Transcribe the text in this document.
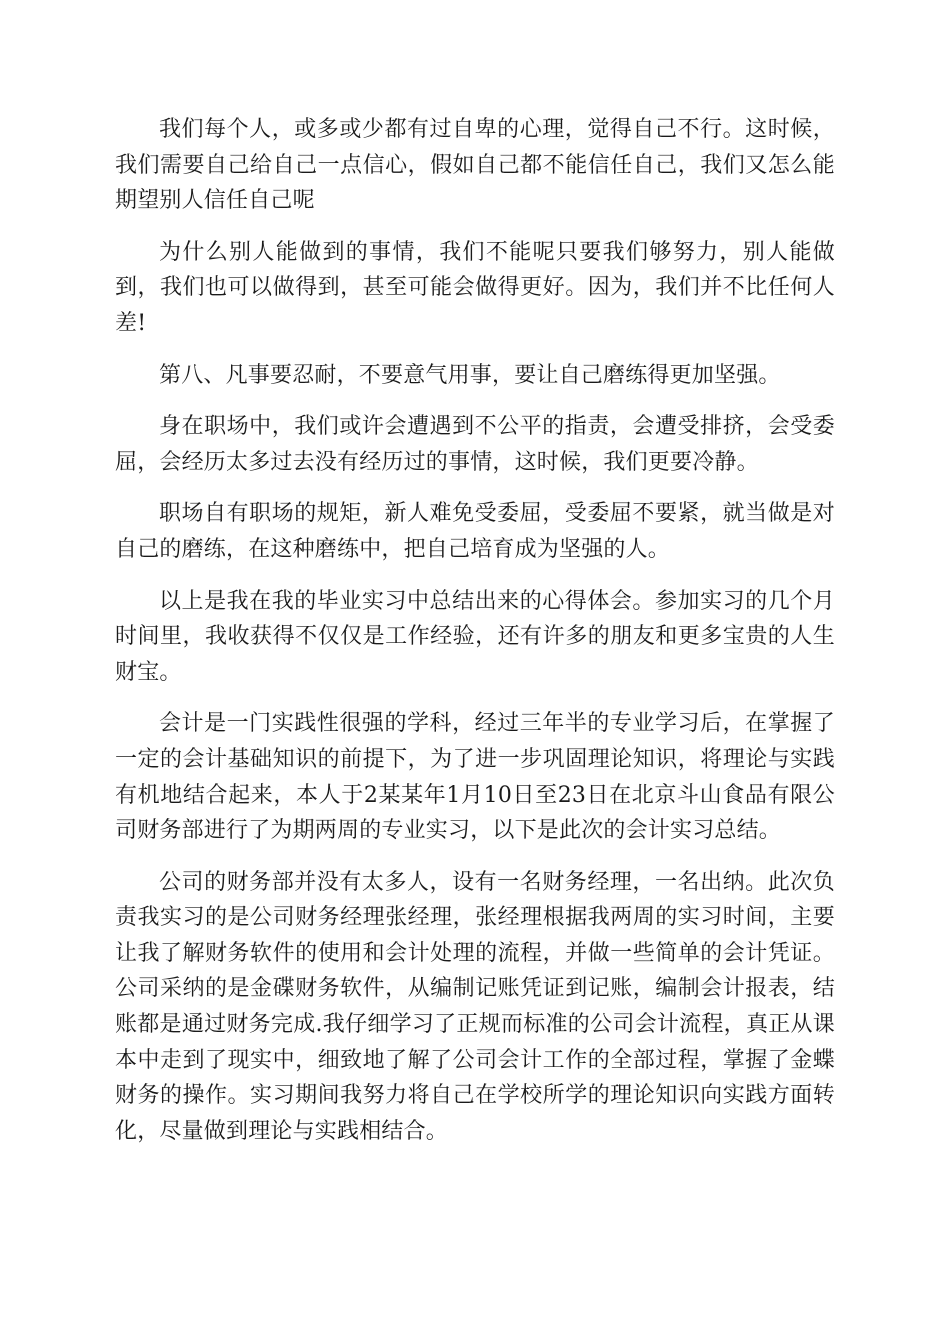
我们每个人，或多或少都有过自卑的心理，觉得自己不行。这时候，我们需要自己给自己一点信心，假如自己都不能信任自己，我们又怎么能期望别人信任自己呢

为什么别人能做到的事情，我们不能呢只要我们够努力，别人能做到，我们也可以做得到，甚至可能会做得更好。因为，我们并不比任何人差!

第八、凡事要忍耐，不要意气用事，要让自己磨练得更加坚强。

身在职场中，我们或许会遭遇到不公平的指责，会遭受排挤，会受委屈，会经历太多过去没有经历过的事情，这时候，我们更要冷静。

职场自有职场的规矩，新人难免受委屈，受委屈不要紧，就当做是对自己的磨练，在这种磨练中，把自己培育成为坚强的人。

以上是我在我的毕业实习中总结出来的心得体会。参加实习的几个月时间里，我收获得不仅仅是工作经验，还有许多的朋友和更多宝贵的人生财宝。

会计是一门实践性很强的学科，经过三年半的专业学习后，在掌握了一定的会计基础知识的前提下，为了进一步巩固理论知识，将理论与实践有机地结合起来，本人于2某某年1月10日至23日在北京斗山食品有限公司财务部进行了为期两周的专业实习，以下是此次的会计实习总结。

公司的财务部并没有太多人，设有一名财务经理，一名出纳。此次负责我实习的是公司财务经理张经理，张经理根据我两周的实习时间，主要让我了解财务软件的使用和会计处理的流程，并做一些简单的会计凭证。公司采纳的是金碟财务软件，从编制记账凭证到记账，编制会计报表，结账都是通过财务完成.我仔细学习了正规而标准的公司会计流程，真正从课本中走到了现实中，细致地了解了公司会计工作的全部过程，掌握了金蝶财务的操作。实习期间我努力将自己在学校所学的理论知识向实践方面转化，尽量做到理论与实践相结合。
